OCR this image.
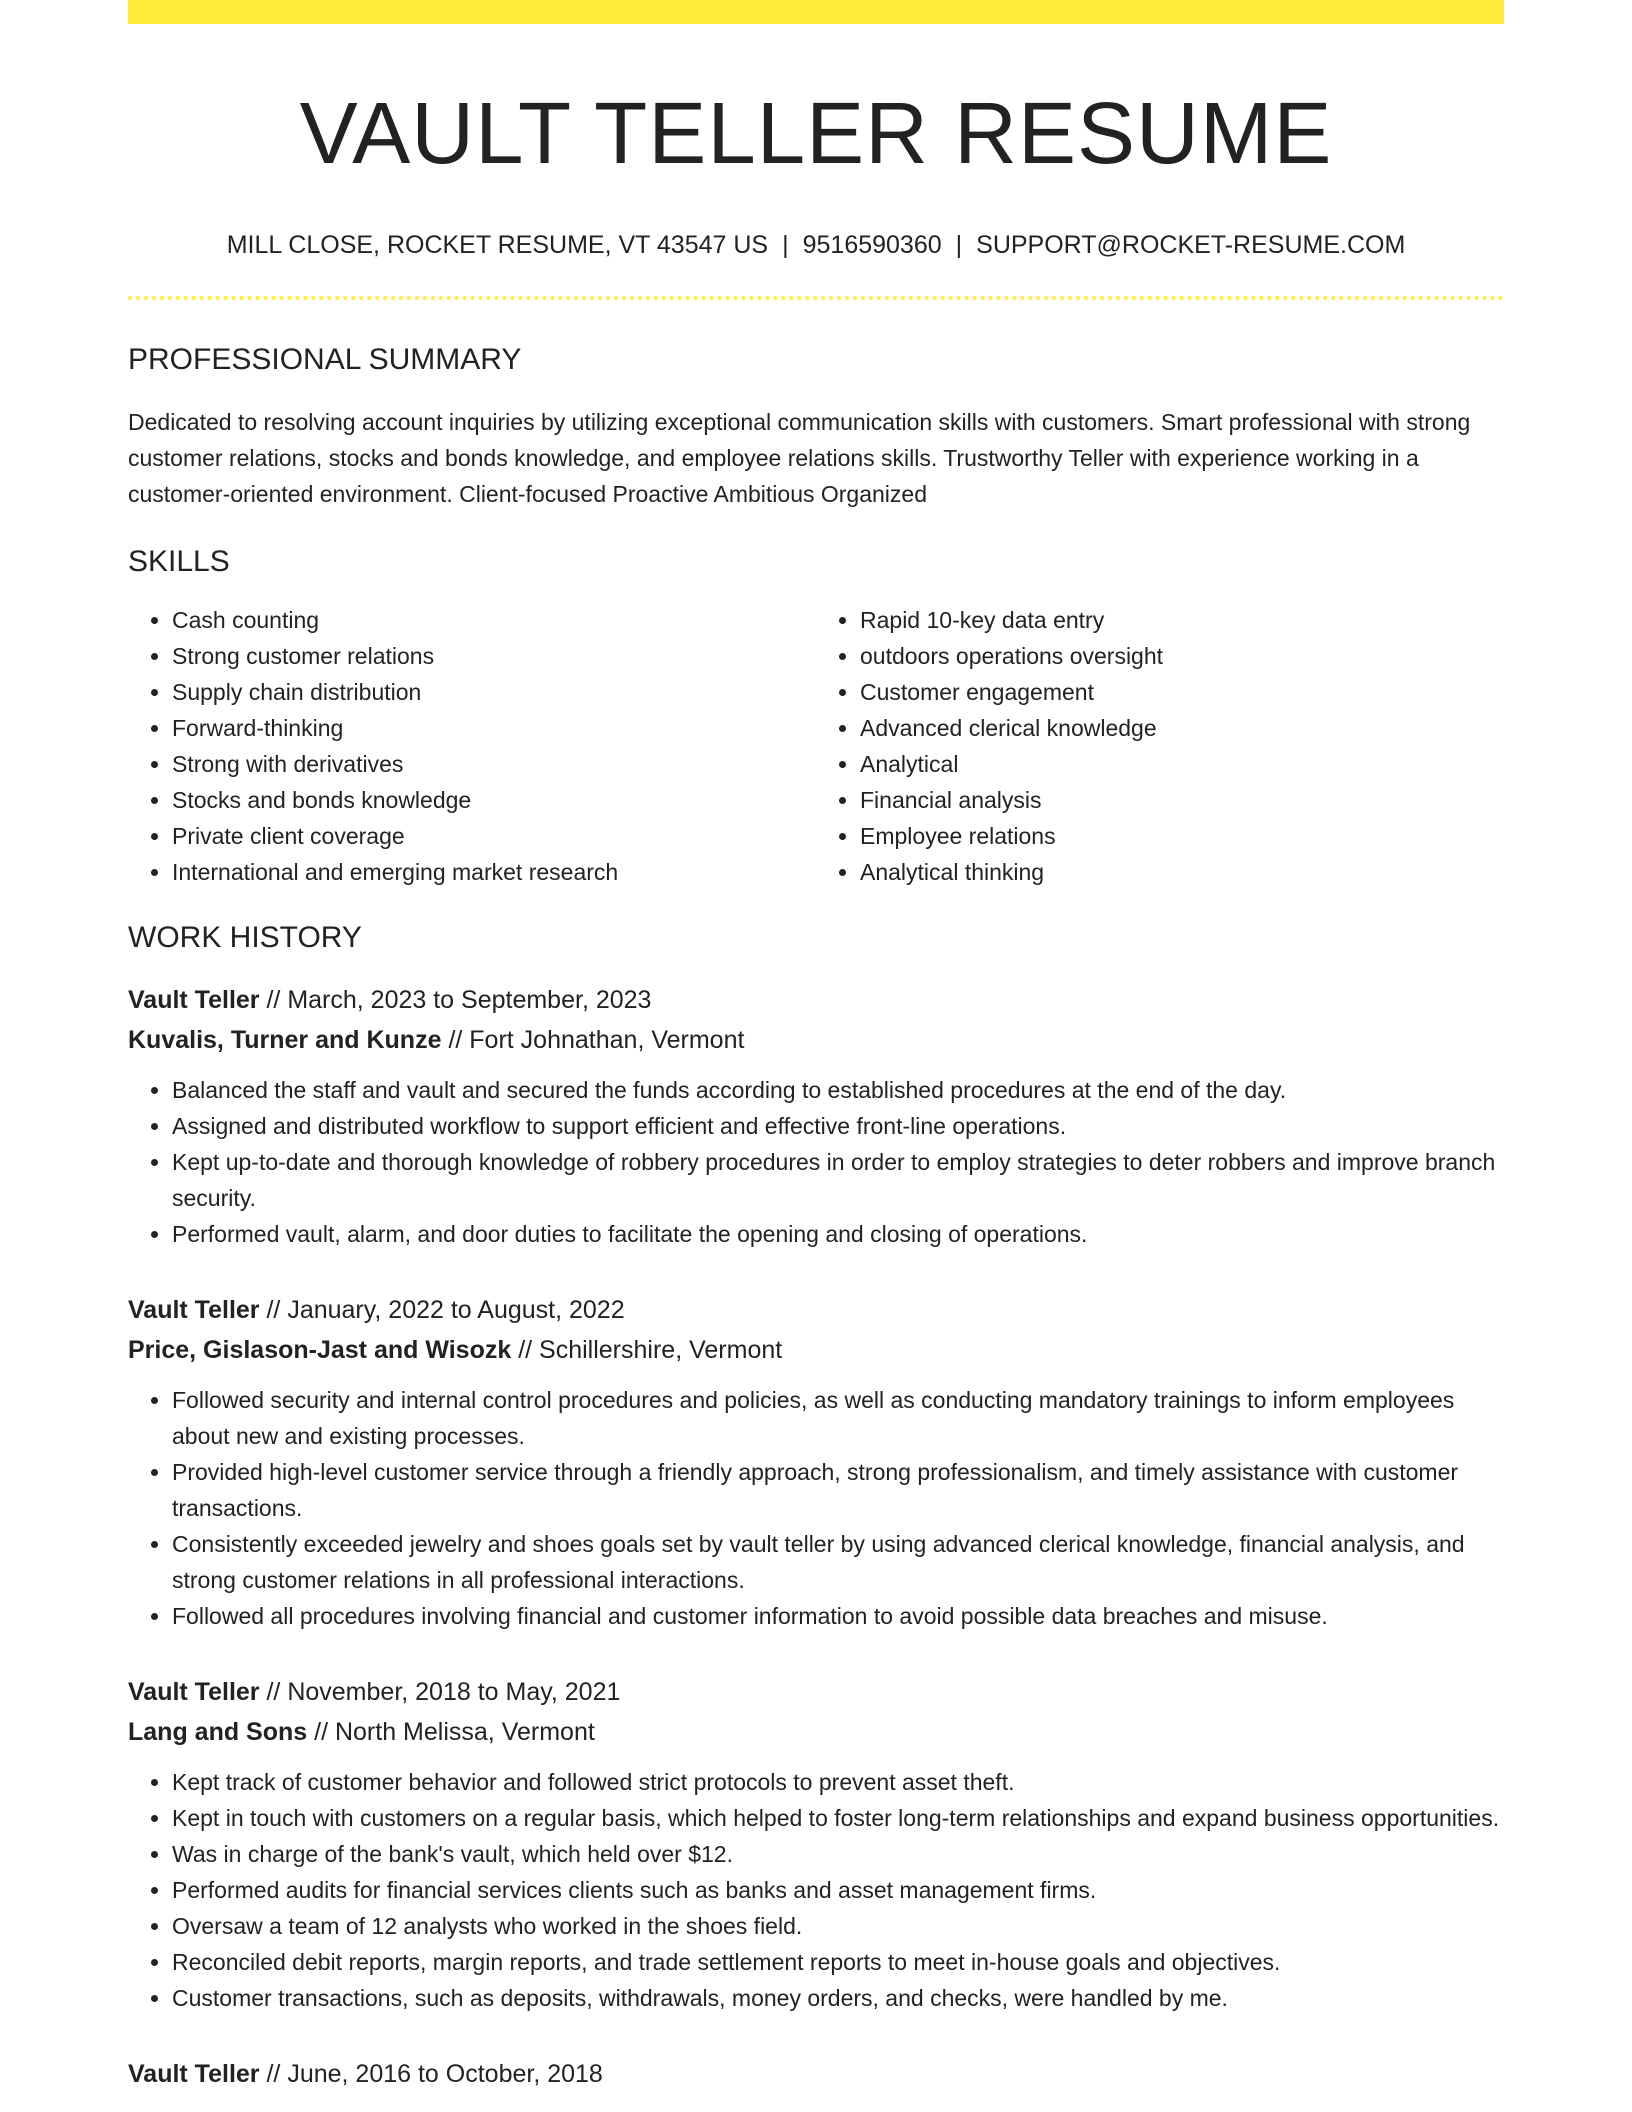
VAULT TELLER RESUME
MILL CLOSE, ROCKET RESUME, VT 43547 US | 9516590360 | SUPPORT@ROCKET-RESUME.COM
PROFESSIONAL SUMMARY

Dedicated to resolving account inquiries by utilizing exceptional communication skills with customers. Smart professional with strong customer relations, stocks and bonds knowledge, and employee relations skills. Trustworthy Teller with experience working in a customer-oriented environment. Client-focused Proactive Ambitious Organized

SKILLS
• Cash counting
• Strong customer relations
• Supply chain distribution
• Forward-thinking
• Strong with derivatives
• Stocks and bonds knowledge
• Private client coverage
• International and emerging market research
• Rapid 10-key data entry
• outdoors operations oversight
• Customer engagement
• Advanced clerical knowledge
• Analytical
• Financial analysis
• Employee relations
• Analytical thinking
WORK HISTORY
Vault Teller // March, 2023 to September, 2023
Kuvalis, Turner and Kunze // Fort Johnathan, Vermont
• Balanced the staff and vault and secured the funds according to established procedures at the end of the day.
• Assigned and distributed workflow to support efficient and effective front-line operations.
• Kept up-to-date and thorough knowledge of robbery procedures in order to employ strategies to deter robbers and improve branch security.
• Performed vault, alarm, and door duties to facilitate the opening and closing of operations.
Vault Teller // January, 2022 to August, 2022
Price, Gislason-Jast and Wisozk // Schillershire, Vermont
• Followed security and internal control procedures and policies, as well as conducting mandatory trainings to inform employees about new and existing processes.
• Provided high-level customer service through a friendly approach, strong professionalism, and timely assistance with customer transactions.
• Consistently exceeded jewelry and shoes goals set by vault teller by using advanced clerical knowledge, financial analysis, and strong customer relations in all professional interactions.
• Followed all procedures involving financial and customer information to avoid possible data breaches and misuse.
Vault Teller // November, 2018 to May, 2021
Lang and Sons // North Melissa, Vermont
• Kept track of customer behavior and followed strict protocols to prevent asset theft.
• Kept in touch with customers on a regular basis, which helped to foster long-term relationships and expand business opportunities.
• Was in charge of the bank's vault, which held over $12.
• Performed audits for financial services clients such as banks and asset management firms.
• Oversaw a team of 12 analysts who worked in the shoes field.
• Reconciled debit reports, margin reports, and trade settlement reports to meet in-house goals and objectives.
• Customer transactions, such as deposits, withdrawals, money orders, and checks, were handled by me.
Vault Teller // June, 2016 to October, 2018
